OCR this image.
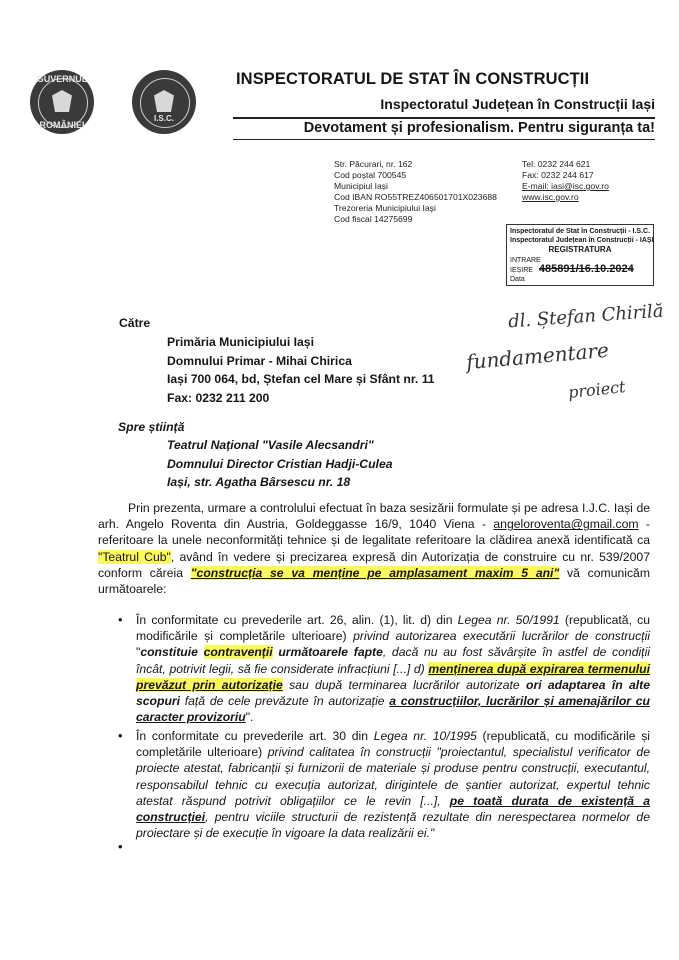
GUVERNUL
ROMÂNIEI
I.S.C.
INSPECTORATUL DE STAT ÎN CONSTRUCȚII
Inspectoratul Județean în Construcții Iași
Devotament și profesionalism. Pentru siguranța ta!
Str. Păcurari, nr. 162
Cod poștal 700545
Municipiul Iași
Cod IBAN RO55TREZ406501701X023688
Trezoreria Municipiului Iași
Cod fiscal 14275699
Tel: 0232 244 621
Fax: 0232 244 617
E-mail: iasi@isc.gov.ro
www.isc.gov.ro
Inspectoratul de Stat în Construcții - I.S.C.
Inspectoratul Județean în Construcții - IAȘI
REGISTRATURA
INTRARE
IEȘIRE 485891/16.10.2024
Data
dl. Ștefan Chirilă
fundamentare
proiect
Către
Primăria Municipiului Iași
Domnului Primar - Mihai Chirica
Iași 700 064, bd, Ștefan cel Mare și Sfânt nr. 11
Fax: 0232 211 200
Spre știință
Teatrul Național "Vasile Alecsandri"
Domnului Director Cristian Hadji-Culea
Iași, str. Agatha Bârsescu nr. 18
Prin prezenta, urmare a controlului efectuat în baza sesizării formulate și pe adresa I.J.C. Iași de arh. Angelo Roventa din Austria, Goldeggasse 16/9, 1040 Viena - angeloroventa@gmail.com - referitoare la unele neconformități tehnice și de legalitate referitoare la clădirea anexă identificată ca "Teatrul Cub", având în vedere și precizarea expresă din Autorizația de construire cu nr. 539/2007 conform căreia "construcția se va menține pe amplasament maxim 5 ani" vă comunicăm următoarele:
• În conformitate cu prevederile art. 26, alin. (1), lit. d) din Legea nr. 50/1991 (republicată, cu modificările și completările ulterioare) privind autorizarea executării lucrărilor de construcții "constituie contravenții următoarele fapte, dacă nu au fost săvârșite în astfel de condiții încât, potrivit legii, să fie considerate infracțiuni [...] d) menținerea după expirarea termenului prevăzut prin autorizație sau după terminarea lucrărilor autorizate ori adaptarea în alte scopuri față de cele prevăzute în autorizație a construcțiilor, lucrărilor și amenajărilor cu caracter provizoriu".
• În conformitate cu prevederile art. 30 din Legea nr. 10/1995 (republicată, cu modificările și completările ulterioare) privind calitatea în construcții "proiectantul, specialistul verificator de proiecte atestat, fabricanții și furnizorii de materiale și produse pentru construcții, executantul, responsabilul tehnic cu execuția autorizat, dirigintele de șantier autorizat, expertul tehnic atestat răspund potrivit obligațiilor ce le revin [...], pe toată durata de existență a construcției, pentru viciile structurii de rezistență rezultate din nerespectarea normelor de proiectare și de execuție în vigoare la data realizării ei."
•
